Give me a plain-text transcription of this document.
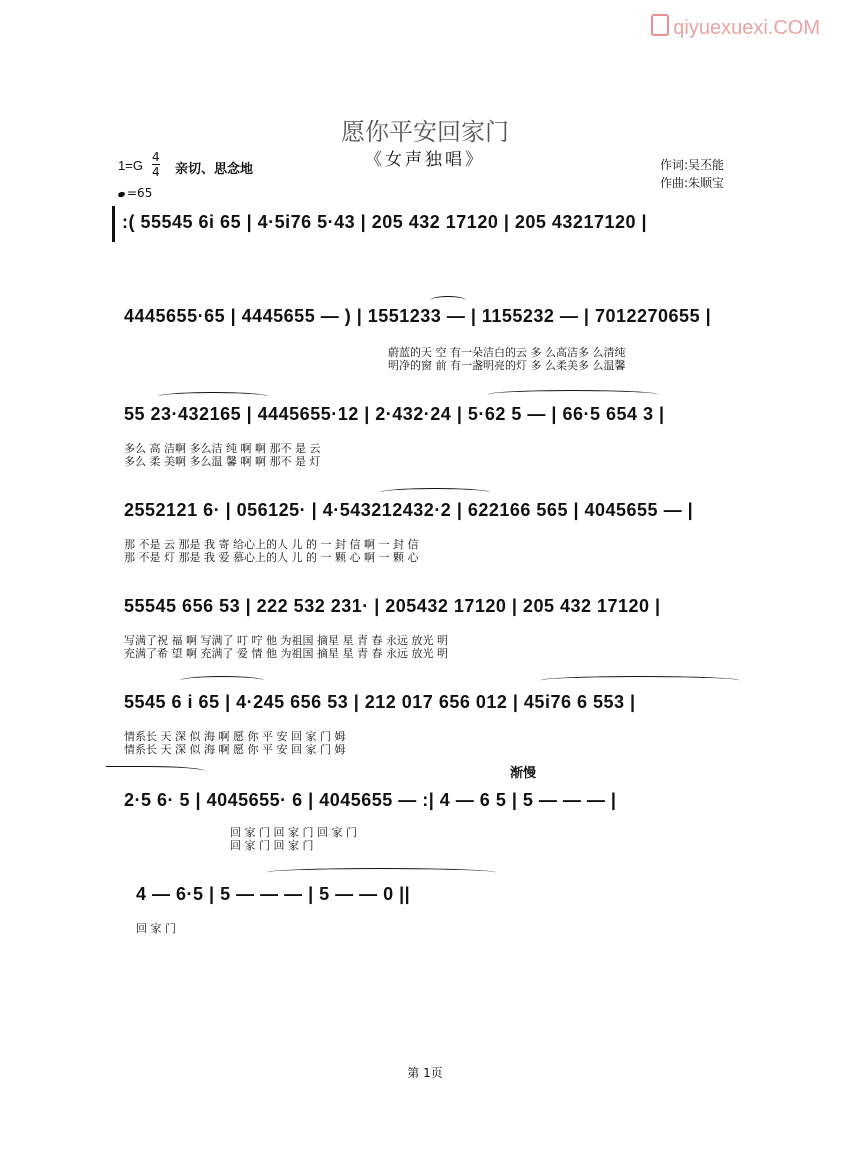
qiyuexuexi.COM
愿你平安回家门
《女声独唱》
1=G
4
4 亲切、思念地
=65
作词:吴丕能
作曲:朱顺宝
:( 55545 6i 65 | 4·5i76 5·43 | 205 432 17120 | 205 43217120 |
4445655·65 | 4445655 — ) | 1551233 — | 1155232 — | 7012270655 |
蔚蓝的天 空 有一朵洁白的云 多 么高洁多 么清纯
明净的窗 前 有一盏明亮的灯 多 么柔美多 么温馨
55 23·432165 | 4445655·12 | 2·432·24 | 5·62 5 — | 66·5 654 3 |
多么 高 洁啊 多么洁 纯 啊 啊 那不 是 云
多么 柔 美啊 多么温 馨 啊 啊 那不 是 灯
2552121 6· | 056125· | 4·543212432·2 | 622166 565 | 4045655 — |
那 不是 云 那是 我 寄 给心上的人 儿 的 一 封 信 啊 一 封 信
那 不是 灯 那是 我 爱 慕心上的人 儿 的 一 颗 心 啊 一 颗 心
55545 656 53 | 222 532 231· | 205432 17120 | 205 432 17120 |
写满了祝 福 啊 写满了 叮 咛 他 为祖国 摘星 星 青 春 永远 放光 明
充满了希 望 啊 充满了 爱 情 他 为祖国 摘星 星 青 春 永远 放光 明
5545 6 i 65 | 4·245 656 53 | 212 017 656 012 | 45i76 6 553 |
情系长 天 深 似 海 啊 愿 你 平 安 回 家 门 姆
情系长 天 深 似 海 啊 愿 你 平 安 回 家 门 姆
渐慢
2·5 6· 5 | 4045655· 6 | 4045655 — :| 4 — 6 5 | 5 — — — |
回 家 门 回 家 门 回 家 门
回 家 门 回 家 门
4 — 6·5 | 5 — — — | 5 — — 0 ||
回 家 门
第 1页
